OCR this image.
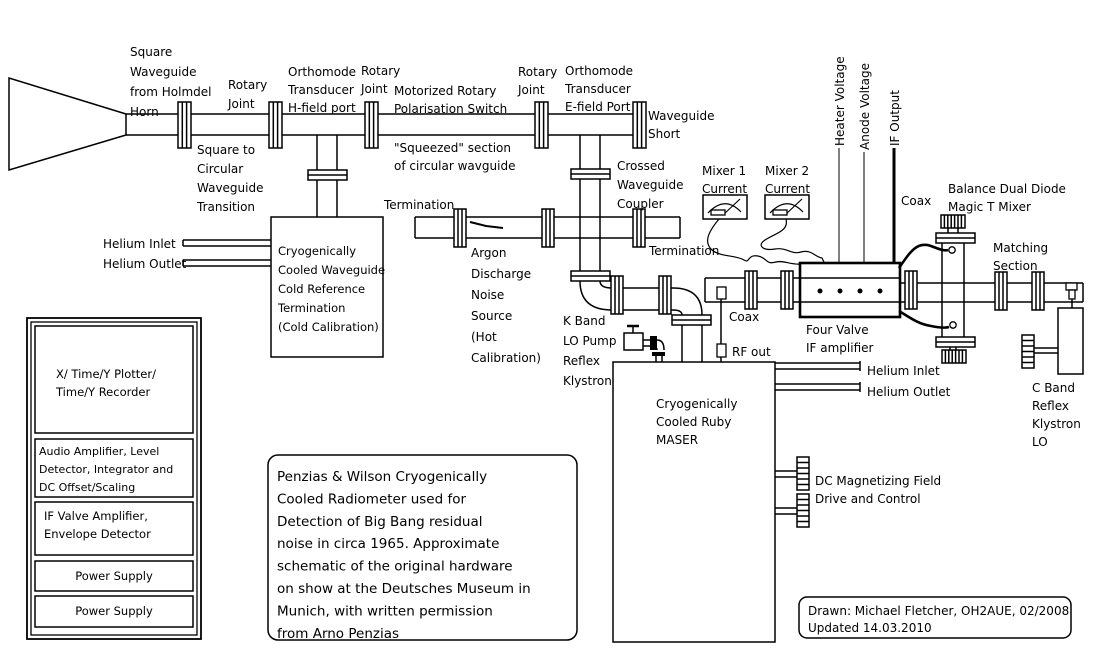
Square Waveguide from Holmdel Horn
Rotary Joint
Square to Circular Waveguide Transition
Orthomode Transducer H-field port
Rotary Joint Motorized Rotary Polarisation Switch
"Squeezed" section of circular wavguide
Rotary Joint
Orthomode Transducer E-field Port
Waveguide Short
Helium Inlet
Helium Outlet
Cryogenically Cooled Waveguide Cold Reference Termination (Cold Calibration)
Termination
Argon Discharge Noise Source (Hot Calibration)
Crossed Waveguide Coupler
Termination
Mixer 1 Current
Mixer 2 Current
Heater Voltage Anode Voltage IF Output
Coax
Balance Dual Diode Magic T Mixer
Matching Section
K Band LO Pump Reflex Klystron
Coax
RF out
Four Valve IF amplifier
Cryogenically Cooled Ruby MASER
Helium Inlet
Helium Outlet
DC Magnetizing Field Drive and Control
C Band Reflex Klystron LO
X/ Time/Y Plotter/ Time/Y Recorder
Audio Amplifier, Level Detector, Integrator and DC Offset/Scaling
IF Valve Amplifier, Envelope Detector
Power Supply
Power Supply
Penzias & Wilson Cryogenically Cooled Radiometer used for Detection of Big Bang residual noise in circa 1965. Approximate schematic of the original hardware on show at the Deutsches Museum in Munich, with written permission from Arno Penzias
Drawn: Michael Fletcher, OH2AUE, 02/2008 Updated 14.03.2010
